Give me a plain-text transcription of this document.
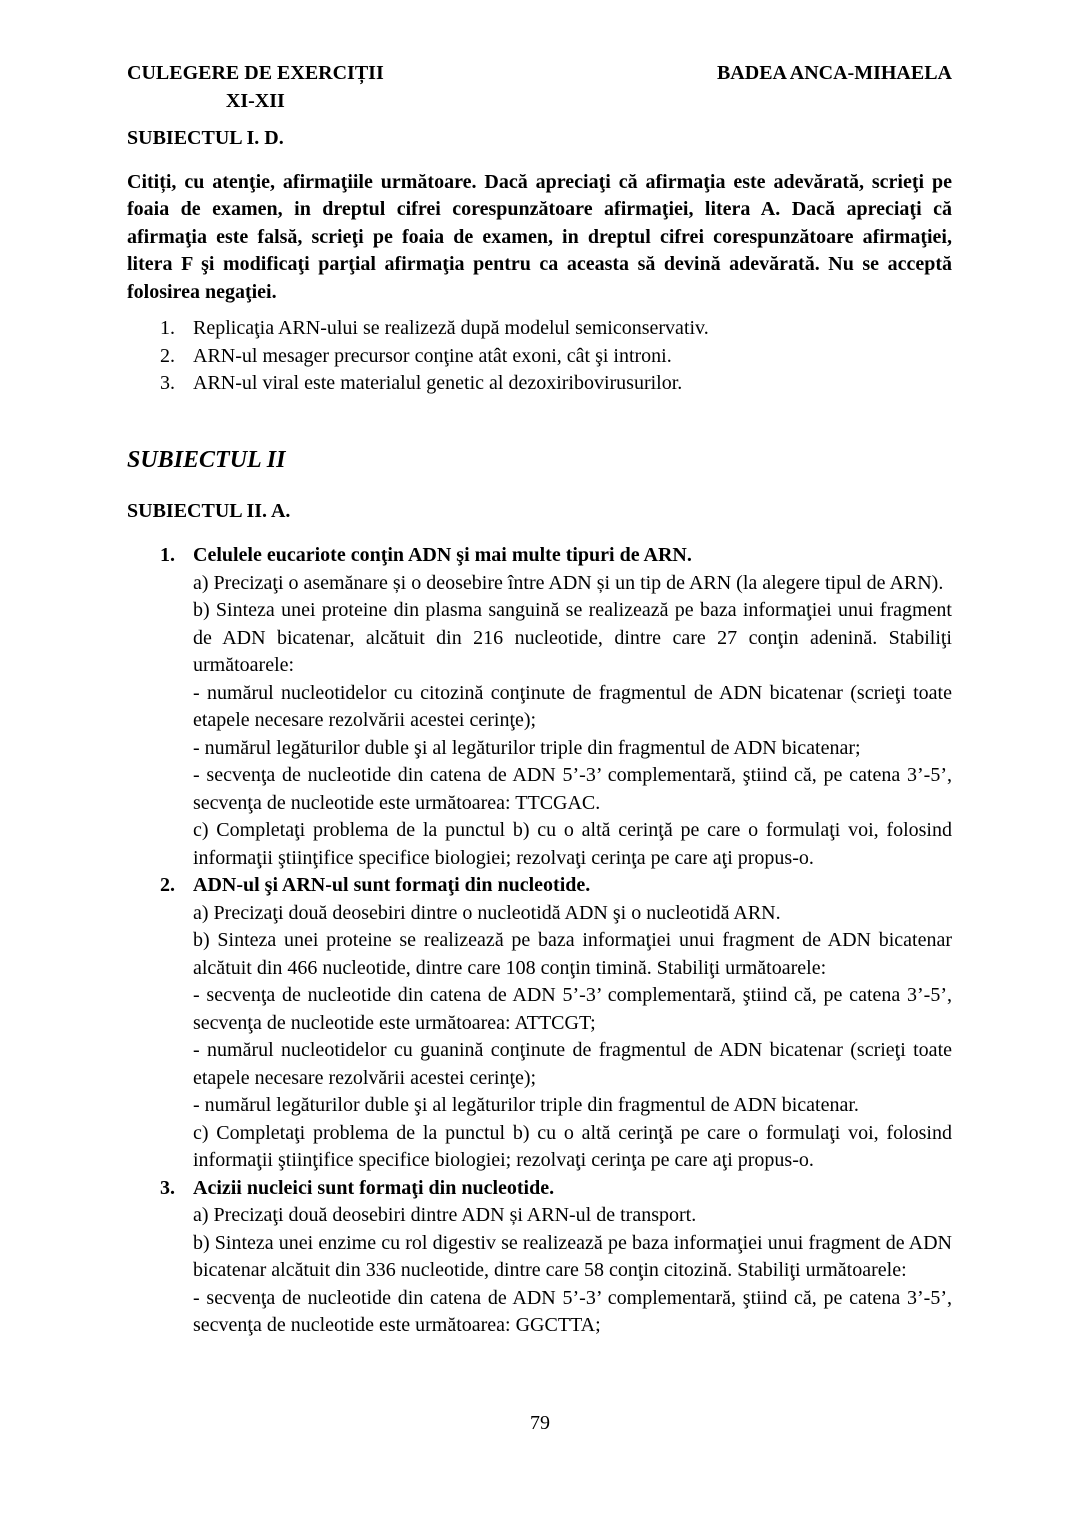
CULEGERE DE EXERCIȚII
XI-XII
BADEA ANCA-MIHAELA
SUBIECTUL I. D.

Citiți, cu atenţie, afirmaţiile următoare. Dacă apreciaţi că afirmaţia este adevărată, scrieţi pe foaia de examen, in dreptul cifrei corespunzătoare afirmaţiei, litera A. Dacă apreciaţi că afirmaţia este falsă, scrieţi pe foaia de examen, in dreptul cifrei corespunzătoare afirmaţiei, litera F şi modificaţi parţial afirmaţia pentru ca aceasta să devină adevărată. Nu se acceptă folosirea negaţiei.

1. Replicaţia ARN-ului se realizeză după modelul semiconservativ.
2. ARN-ul mesager precursor conţine atât exoni, cât şi introni.
3. ARN-ul viral este materialul genetic al dezoxiribovirusurilor.
SUBIECTUL II
SUBIECTUL II. A.
1. Celulele eucariote conţin ADN şi mai multe tipuri de ARN.

a) Precizaţi o asemănare și o deosebire între ADN și un tip de ARN (la alegere tipul de ARN).

b) Sinteza unei proteine din plasma sanguină se realizează pe baza informaţiei unui fragment de ADN bicatenar, alcătuit din 216 nucleotide, dintre care 27 conţin adenină. Stabiliţi următoarele:

- numărul nucleotidelor cu citozină conţinute de fragmentul de ADN bicatenar (scrieţi toate etapele necesare rezolvării acestei cerinţe);

- numărul legăturilor duble şi al legăturilor triple din fragmentul de ADN bicatenar;

- secvenţa de nucleotide din catena de ADN 5’-3’ complementară, ştiind că, pe catena 3’-5’, secvenţa de nucleotide este următoarea: TTCGAC.

c) Completaţi problema de la punctul b) cu o altă cerinţă pe care o formulaţi voi, folosind informaţii ştiinţifice specifice biologiei; rezolvaţi cerinţa pe care aţi propus-o.

2. ADN-ul şi ARN-ul sunt formaţi din nucleotide.

a) Precizaţi două deosebiri dintre o nucleotidă ADN şi o nucleotidă ARN.

b) Sinteza unei proteine se realizează pe baza informaţiei unui fragment de ADN bicatenar alcătuit din 466 nucleotide, dintre care 108 conţin timină. Stabiliţi următoarele:

- secvenţa de nucleotide din catena de ADN 5’-3’ complementară, ştiind că, pe catena 3’-5’, secvenţa de nucleotide este următoarea: ATTCGT;

- numărul nucleotidelor cu guanină conţinute de fragmentul de ADN bicatenar (scrieţi toate etapele necesare rezolvării acestei cerinţe);

- numărul legăturilor duble şi al legăturilor triple din fragmentul de ADN bicatenar.

c) Completaţi problema de la punctul b) cu o altă cerinţă pe care o formulaţi voi, folosind informaţii ştiinţifice specifice biologiei; rezolvaţi cerinţa pe care aţi propus-o.

3. Acizii nucleici sunt formaţi din nucleotide.

a) Precizaţi două deosebiri dintre ADN și ARN-ul de transport.

b) Sinteza unei enzime cu rol digestiv se realizează pe baza informaţiei unui fragment de ADN bicatenar alcătuit din 336 nucleotide, dintre care 58 conţin citozină. Stabiliţi următoarele:

- secvenţa de nucleotide din catena de ADN 5’-3’ complementară, ştiind că, pe catena 3’-5’, secvenţa de nucleotide este următoarea: GGCTTA;

79
